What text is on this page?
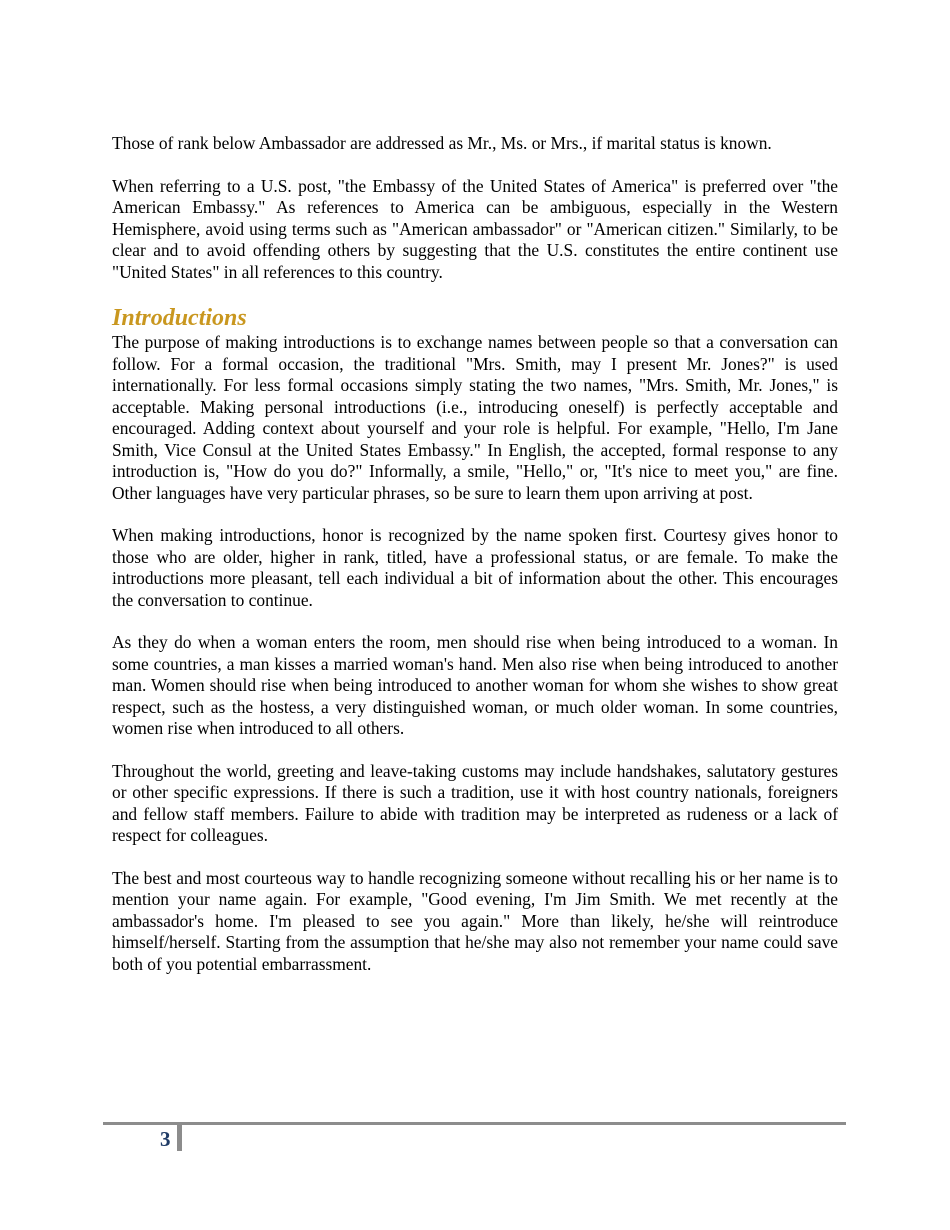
Those of rank below Ambassador are addressed as Mr., Ms. or Mrs., if marital status is known.

When referring to a U.S. post, "the Embassy of the United States of America" is preferred over "the American Embassy." As references to America can be ambiguous, especially in the Western Hemisphere, avoid using terms such as "American ambassador" or "American citizen." Similarly, to be clear and to avoid offending others by suggesting that the U.S. constitutes the entire continent use "United States" in all references to this country.

Introductions

The purpose of making introductions is to exchange names between people so that a conversation can follow. For a formal occasion, the traditional "Mrs. Smith, may I present Mr. Jones?" is used internationally. For less formal occasions simply stating the two names, "Mrs. Smith, Mr. Jones," is acceptable. Making personal introductions (i.e., introducing oneself) is perfectly acceptable and encouraged. Adding context about yourself and your role is helpful. For example, "Hello, I'm Jane Smith, Vice Consul at the United States Embassy." In English, the accepted, formal response to any introduction is, "How do you do?" Informally, a smile, "Hello," or, "It's nice to meet you," are fine. Other languages have very particular phrases, so be sure to learn them upon arriving at post.

When making introductions, honor is recognized by the name spoken first. Courtesy gives honor to those who are older, higher in rank, titled, have a professional status, or are female. To make the introductions more pleasant, tell each individual a bit of information about the other. This encourages the conversation to continue.

As they do when a woman enters the room, men should rise when being introduced to a woman. In some countries, a man kisses a married woman's hand. Men also rise when being introduced to another man. Women should rise when being introduced to another woman for whom she wishes to show great respect, such as the hostess, a very distinguished woman, or much older woman. In some countries, women rise when introduced to all others.

Throughout the world, greeting and leave-taking customs may include handshakes, salutatory gestures or other specific expressions. If there is such a tradition, use it with host country nationals, foreigners and fellow staff members. Failure to abide with tradition may be interpreted as rudeness or a lack of respect for colleagues.

The best and most courteous way to handle recognizing someone without recalling his or her name is to mention your name again. For example, "Good evening, I'm Jim Smith. We met recently at the ambassador's home. I'm pleased to see you again." More than likely, he/she will reintroduce himself/herself. Starting from the assumption that he/she may also not remember your name could save both of you potential embarrassment.

3
